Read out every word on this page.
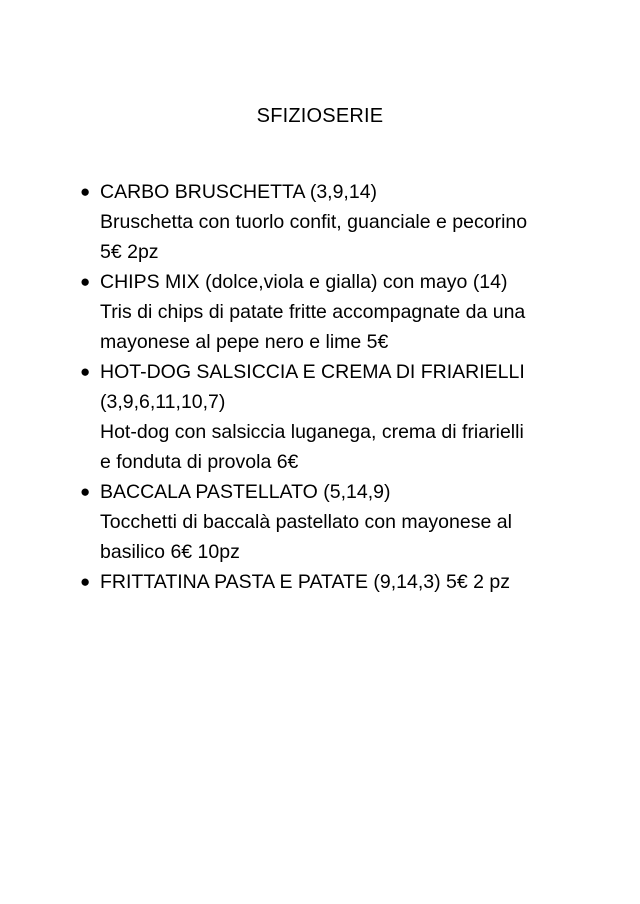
SFIZIOSERIE
● CARBO BRUSCHETTA (3,9,14)
Bruschetta con tuorlo confit, guanciale e pecorino
5€ 2pz
● CHIPS MIX (dolce,viola e gialla) con mayo (14)
Tris di chips di patate fritte accompagnate da una
mayonese al pepe nero e lime 5€
● HOT-DOG SALSICCIA E CREMA DI FRIARIELLI
(3,9,6,11,10,7)
Hot-dog con salsiccia luganega, crema di friarielli
e fonduta di provola 6€
● BACCALA PASTELLATO (5,14,9)
Tocchetti di baccalà pastellato con mayonese al
basilico 6€ 10pz
● FRITTATINA PASTA E PATATE (9,14,3) 5€ 2 pz
